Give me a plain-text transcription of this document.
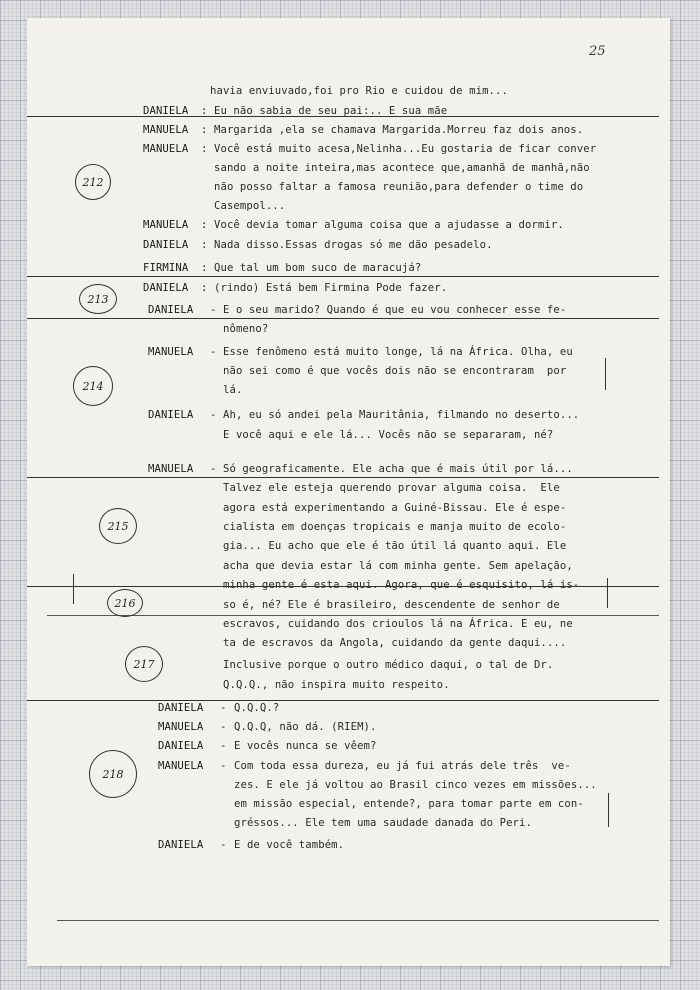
25
havia enviuvado,foi pro Rio e cuidou de mim...
DANIELA : Eu não sabia de seu pai:.. E sua mãe
MANUELA : Margarida ,ela se chamava Margarida.Morreu faz dois anos.
MANUELA : Você está muito acesa,Nelinha...Eu gostaria de ficar conver
sando a noite inteira,mas acontece que,amanhã de manhã,não
não posso faltar a famosa reunião,para defender o time do
Casempol...
MANUELA : Você devia tomar alguma coisa que a ajudasse a dormir.
DANIELA : Nada disso.Essas drogas só me dão pesadelo.
FIRMINA : Que tal um bom suco de maracujá?
DANIELA : (rindo) Está bem Firmina Pode fazer.
DANIELA - E o seu marido? Quando é que eu vou conhecer esse fe-
nômeno?
MANUELA - Esse fenômeno está muito longe, lá na África. Olha, eu
não sei como é que vocês dois não se encontraram  por
lá.
DANIELA - Ah, eu só andei pela Mauritânia, filmando no deserto...
E você aqui e ele lá... Vocês não se separaram, né?
MANUELA - Só geograficamente. Ele acha que é mais útil por lá...
Talvez ele esteja querendo provar alguma coisa.  Ele
agora está experimentando a Guiné-Bissau. Ele é espe-
cialista em doenças tropicais e manja muito de ecolo-
gia... Eu acho que ele é tão útil lá quanto aqui. Ele
acha que devia estar lá com minha gente. Sem apelação,
minha gente é esta aqui. Agora, que é esquisito, lá is-
so é, né? Ele é brasileiro, descendente de senhor de
escravos, cuidando dos crioulos lá na África. E eu, ne
ta de escravos da Angola, cuidando da gente daqui....
Inclusive porque o outro médico daqui, o tal de Dr.
Q.Q.Q., não inspira muito respeito.
DANIELA - Q.Q.Q.?
MANUELA - Q.Q.Q, não dá. (RIEM).
DANIELA - E vocês nunca se vêem?
MANUELA - Com toda essa dureza, eu já fui atrás dele três  ve-
zes. E ele já voltou ao Brasil cinco vezes em missões...
em missão especial, entende?, para tomar parte em con-
gréssos... Ele tem uma saudade danada do Peri.
DANIELA - E de você também.
212
213
214
215
216
217
218
